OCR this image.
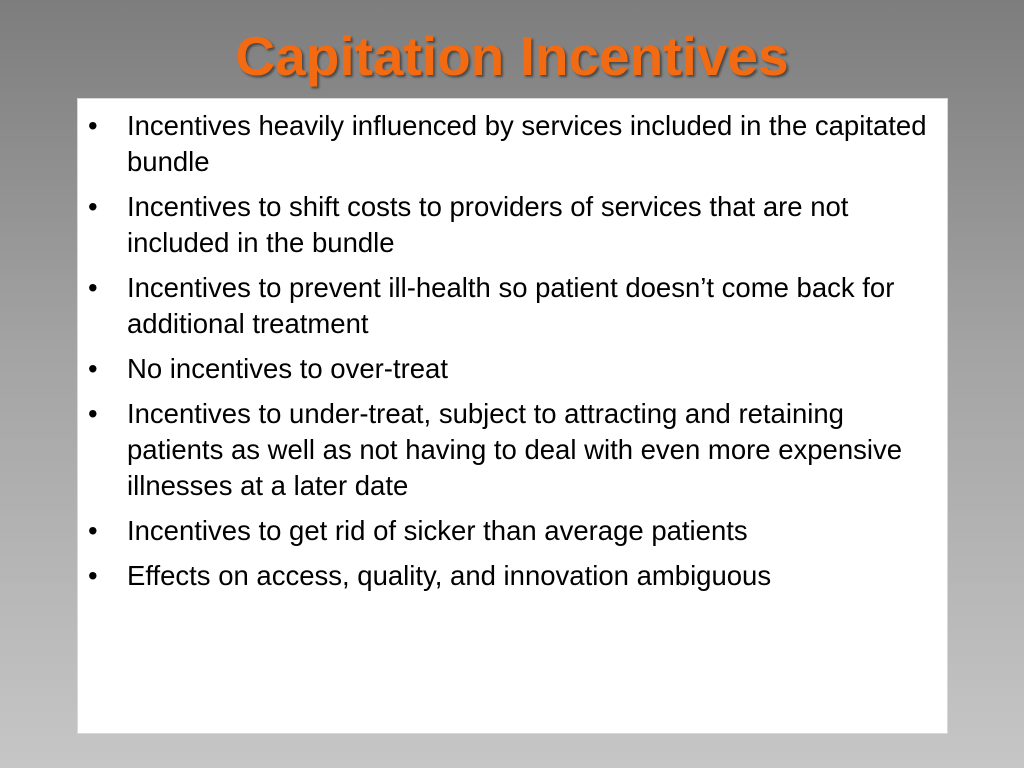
Capitation Incentives
• Incentives heavily influenced by services included in the capitated bundle
• Incentives to shift costs to providers of services that are not included in the bundle
• Incentives to prevent ill-health so patient doesn’t come back for additional treatment
• No incentives to over-treat
• Incentives to under-treat, subject to attracting and retaining patients as well as not having to deal with even more expensive illnesses at a later date
• Incentives to get rid of sicker than average patients
• Effects on access, quality, and innovation ambiguous
